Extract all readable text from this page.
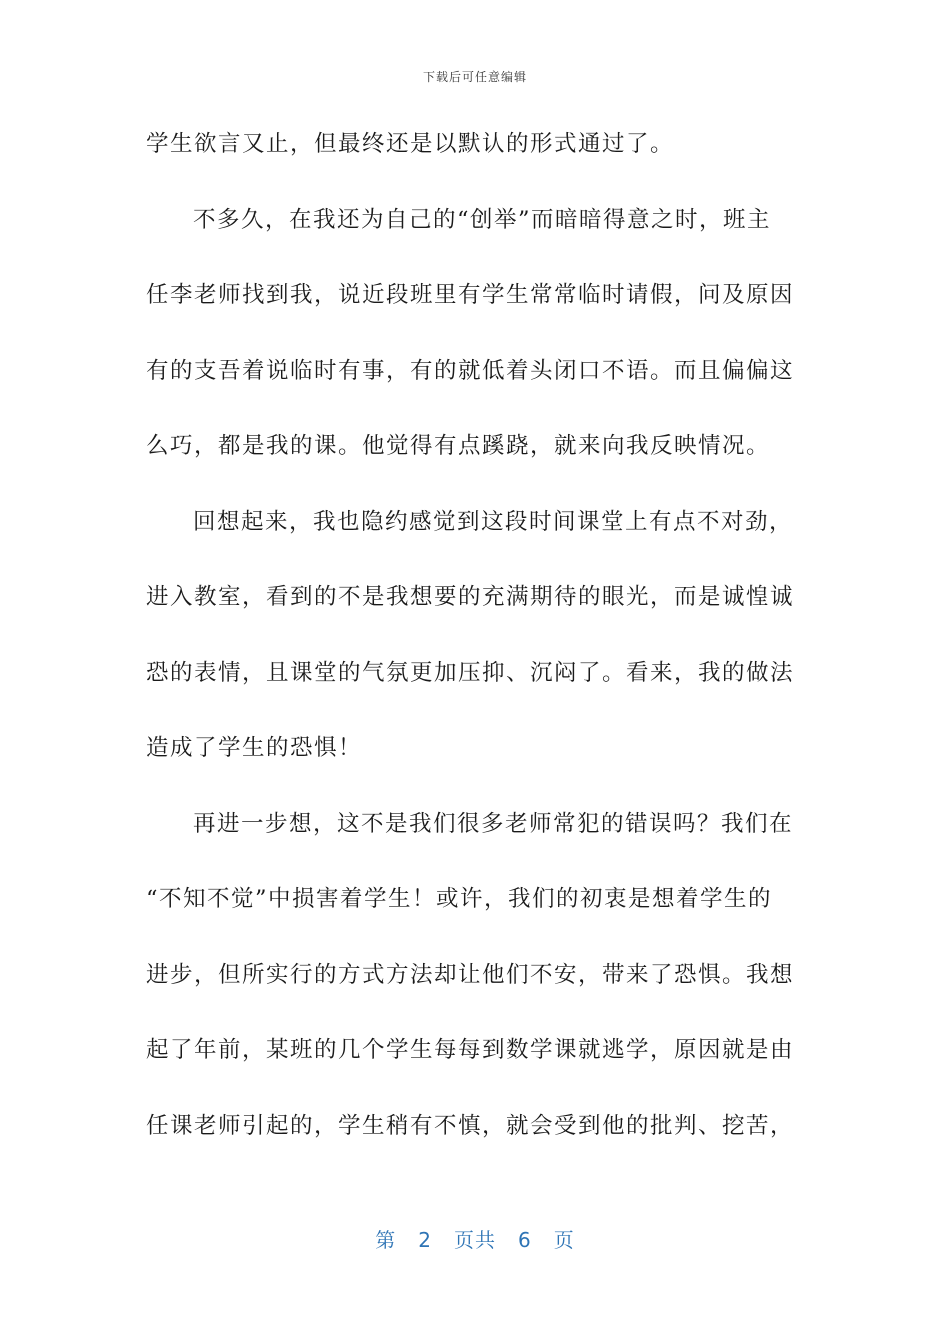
下载后可任意编辑
学生欲言又止，但最终还是以默认的形式通过了。
不多久，在我还为自己的“创举”而暗暗得意之时，班主
任李老师找到我，说近段班里有学生常常临时请假，问及原因
有的支吾着说临时有事，有的就低着头闭口不语。而且偏偏这
么巧，都是我的课。他觉得有点蹊跷，就来向我反映情况。
回想起来，我也隐约感觉到这段时间课堂上有点不对劲，
进入教室，看到的不是我想要的充满期待的眼光，而是诚惶诚
恐的表情，且课堂的气氛更加压抑、沉闷了。看来，我的做法
造成了学生的恐惧！
再进一步想，这不是我们很多老师常犯的错误吗？我们在
“不知不觉”中损害着学生！或许，我们的初衷是想着学生的
进步，但所实行的方式方法却让他们不安，带来了恐惧。我想
起了年前，某班的几个学生每每到数学课就逃学，原因就是由
任课老师引起的，学生稍有不慎，就会受到他的批判、挖苦，
第 2 页共 6 页
